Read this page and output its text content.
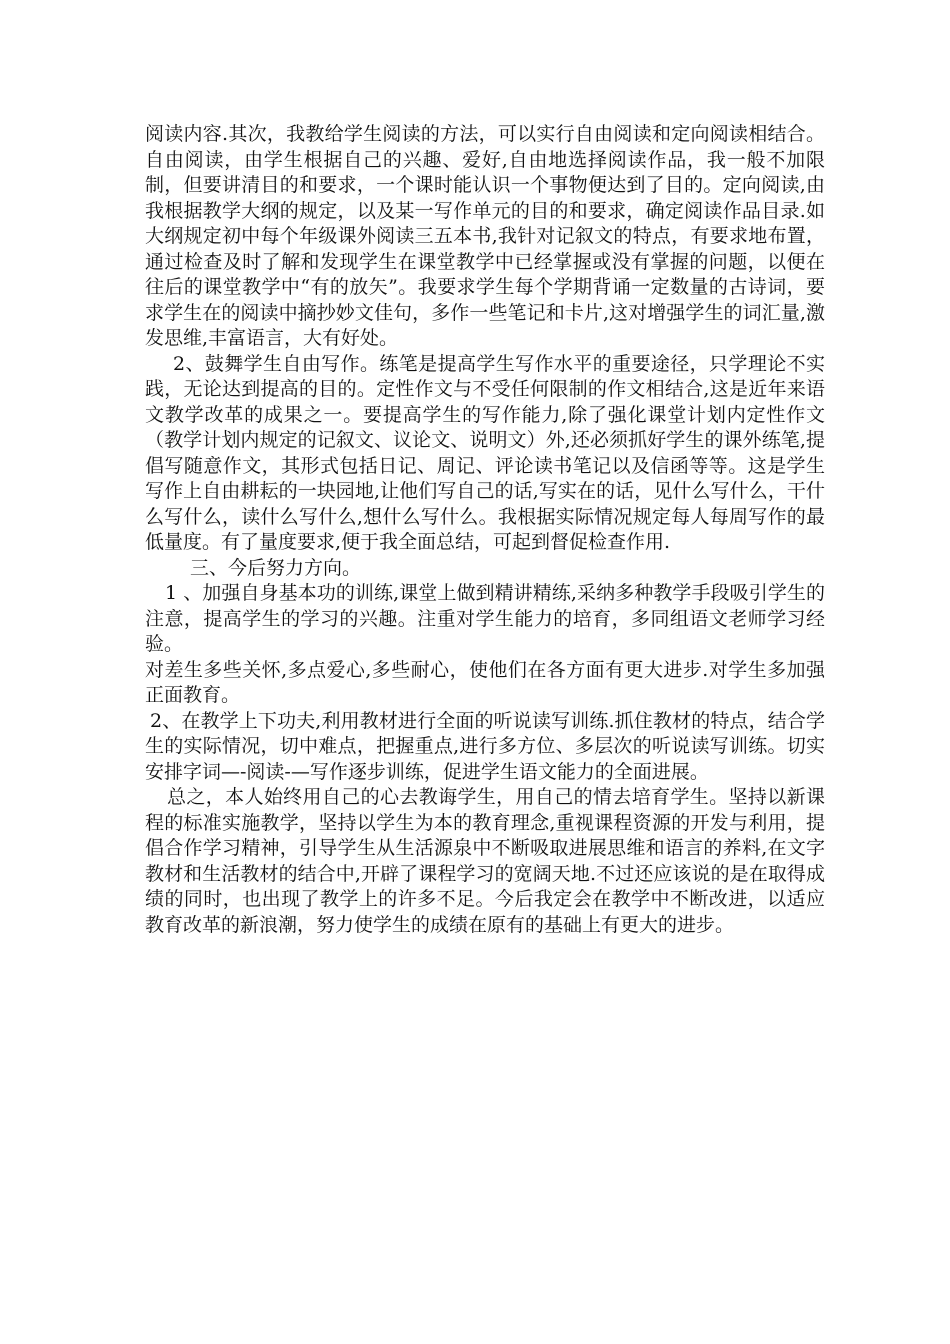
阅读内容.其次，我教给学生阅读的方法，可以实行自由阅读和定向阅读相结合。自由阅读，由学生根据自己的兴趣、爱好,自由地选择阅读作品，我一般不加限制，但要讲清目的和要求，一个课时能认识一个事物便达到了目的。定向阅读,由我根据教学大纲的规定，以及某一写作单元的目的和要求，确定阅读作品目录.如大纲规定初中每个年级课外阅读三五本书,我针对记叙文的特点，有要求地布置，通过检查及时了解和发现学生在课堂教学中已经掌握或没有掌握的问题，以便在往后的课堂教学中“有的放矢”。我要求学生每个学期背诵一定数量的古诗词，要求学生在的阅读中摘抄妙文佳句，多作一些笔记和卡片,这对增强学生的词汇量,激发思维,丰富语言，大有好处。

2、鼓舞学生自由写作。练笔是提高学生写作水平的重要途径，只学理论不实践，无论达到提高的目的。定性作文与不受任何限制的作文相结合,这是近年来语文教学改革的成果之一。要提高学生的写作能力,除了强化课堂计划内定性作文（教学计划内规定的记叙文、议论文、说明文）外,还必须抓好学生的课外练笔,提倡写随意作文，其形式包括日记、周记、评论读书笔记以及信函等等。这是学生写作上自由耕耘的一块园地,让他们写自己的话,写实在的话，见什么写什么，干什么写什么，读什么写什么,想什么写什么。我根据实际情况规定每人每周写作的最低量度。有了量度要求,便于我全面总结，可起到督促检查作用.

三、今后努力方向。

1 、加强自身基本功的训练,课堂上做到精讲精练,采纳多种教学手段吸引学生的注意，提高学生的学习的兴趣。注重对学生能力的培育，多同组语文老师学习经验。

对差生多些关怀,多点爱心,多些耐心，使他们在各方面有更大进步.对学生多加强正面教育。

2、在教学上下功夫,利用教材进行全面的听说读写训练.抓住教材的特点，结合学生的实际情况，切中难点，把握重点,进行多方位、多层次的听说读写训练。切实安排字词—-阅读-—写作逐步训练，促进学生语文能力的全面进展。

总之，本人始终用自己的心去教诲学生，用自己的情去培育学生。坚持以新课程的标准实施教学，坚持以学生为本的教育理念,重视课程资源的开发与利用，提倡合作学习精神，引导学生从生活源泉中不断吸取进展思维和语言的养料,在文字教材和生活教材的结合中,开辟了课程学习的宽阔天地.不过还应该说的是在取得成绩的同时，也出现了教学上的许多不足。今后我定会在教学中不断改进，以适应教育改革的新浪潮，努力使学生的成绩在原有的基础上有更大的进步。
